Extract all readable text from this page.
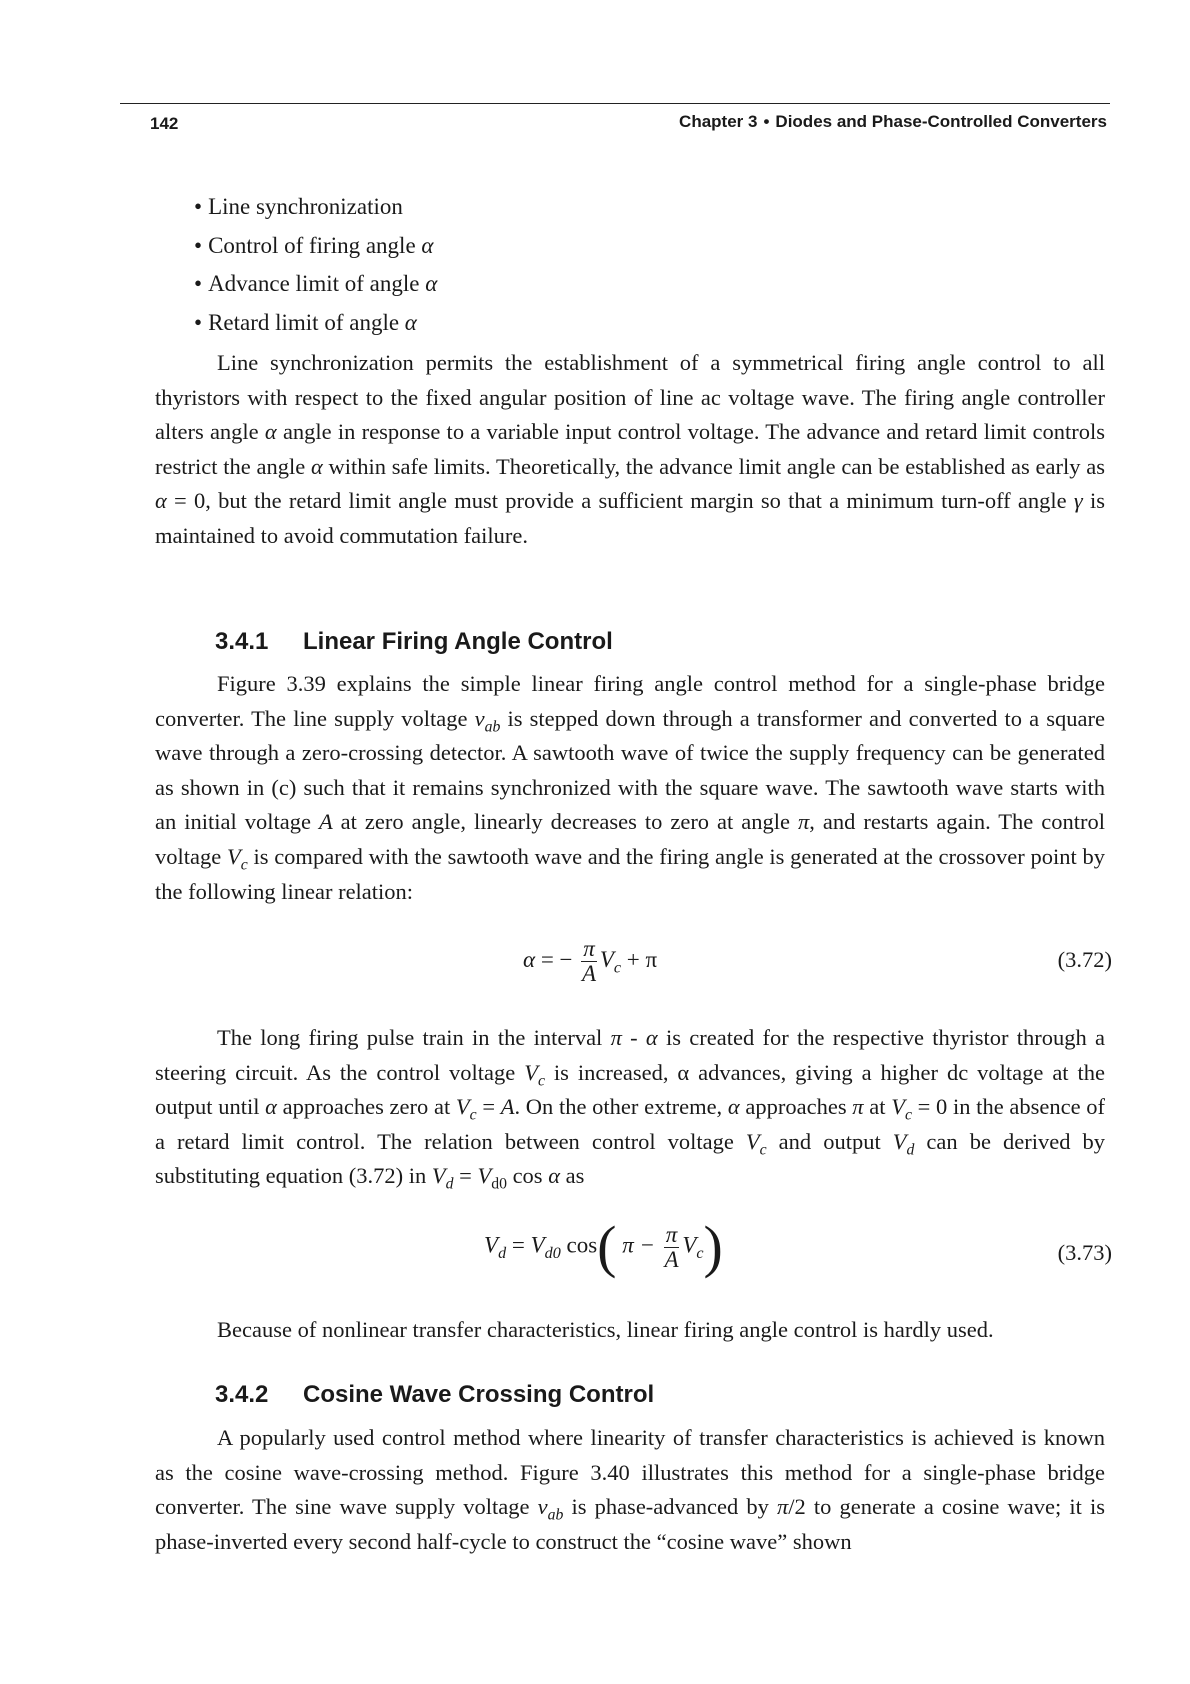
142	Chapter 3 • Diodes and Phase-Controlled Converters
• Line synchronization
• Control of firing angle α
• Advance limit of angle α
• Retard limit of angle α

Line synchronization permits the establishment of a symmetrical firing angle control to all thyristors with respect to the fixed angular position of line ac voltage wave. The firing angle controller alters angle α angle in response to a variable input control voltage. The advance and retard limit controls restrict the angle α within safe limits. Theoretically, the advance limit angle can be established as early as α = 0, but the retard limit angle must provide a sufficient margin so that a minimum turn-off angle γ is maintained to avoid commutation failure.

3.4.1 Linear Firing Angle Control

Figure 3.39 explains the simple linear firing angle control method for a single-phase bridge converter. The line supply voltage $v_{ab}$ is stepped down through a transformer and converted to a square wave through a zero-crossing detector. A sawtooth wave of twice the supply frequency can be generated as shown in (c) such that it remains synchronized with the square wave. The sawtooth wave starts with an initial voltage A at zero angle, linearly decreases to zero at angle π, and restarts again. The control voltage $V_c$ is compared with the sawtooth wave and the firing angle is generated at the crossover point by the following linear relation:

α = − $\frac{\pi}{A} V_c + \pi$	(3.72)

The long firing pulse train in the interval π - α is created for the respective thyristor through a steering circuit. As the control voltage $V_c$ is increased, α advances, giving a higher dc voltage at the output until α approaches zero at $V_c = A$. On the other extreme, α approaches π at $V_c = 0$ in the absence of a retard limit control. The relation between control voltage $V_c$ and output $V_d$ can be derived by substituting equation (3.72) in $V_d = V_{d0}$ cos α as

$V_d = V_{d0}$ cos( $\pi - \frac{\pi}{A} V_c$)	(3.73)

Because of nonlinear transfer characteristics, linear firing angle control is hardly used.

3.4.2 Cosine Wave Crossing Control

A popularly used control method where linearity of transfer characteristics is achieved is known as the cosine wave-crossing method. Figure 3.40 illustrates this method for a single-phase bridge converter. The sine wave supply voltage $v_{ab}$ is phase-advanced by π/2 to generate a cosine wave; it is phase-inverted every second half-cycle to construct the “cosine wave” shown
